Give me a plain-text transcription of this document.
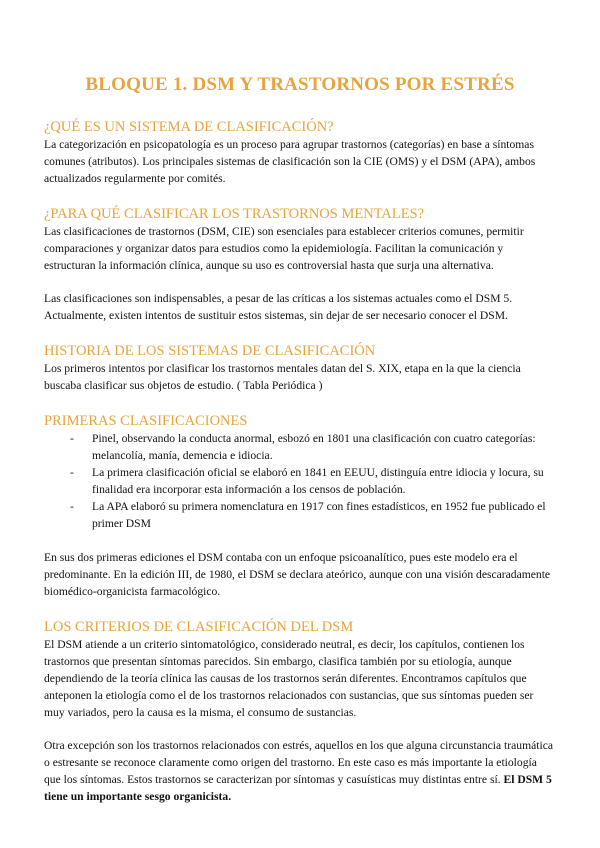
BLOQUE 1. DSM Y TRASTORNOS POR ESTRÉS
¿QUÉ ES UN SISTEMA DE CLASIFICACIÓN?

La categorización en psicopatología es un proceso para agrupar trastornos (categorías) en base a síntomas comunes (atributos). Los principales sistemas de clasificación son la CIE (OMS) y el DSM (APA), ambos actualizados regularmente por comités.

¿PARA QUÉ CLASIFICAR LOS TRASTORNOS MENTALES?

Las clasificaciones de trastornos (DSM, CIE) son esenciales para establecer criterios comunes, permitir comparaciones y organizar datos para estudios como la epidemiología. Facilitan la comunicación y estructuran la información clínica, aunque su uso es controversial hasta que surja una alternativa.

Las clasificaciones son indispensables, a pesar de las críticas a los sistemas actuales como el DSM 5. Actualmente, existen intentos de sustituir estos sistemas, sin dejar de ser necesario conocer el DSM.

HISTORIA DE LOS SISTEMAS DE CLASIFICACIÓN

Los primeros intentos por clasificar los trastornos mentales datan del S. XIX, etapa en la que la ciencia buscaba clasificar sus objetos de estudio. ( Tabla Periódica )

PRIMERAS CLASIFICACIONES
- Pinel, observando la conducta anormal, esbozó en 1801 una clasificación con cuatro categorías: melancolía, manía, demencia e idiocia.
- La primera clasificación oficial se elaboró en 1841 en EEUU, distinguía entre idiocia y locura, su finalidad era incorporar esta información a los censos de población.
- La APA elaboró su primera nomenclatura en 1917 con fines estadísticos, en 1952 fue publicado el primer DSM

En sus dos primeras ediciones el DSM contaba con un enfoque psicoanalítico, pues este modelo era el predominante. En la edición III, de 1980, el DSM se declara ateórico, aunque con una visión descaradamente biomédico-organicista farmacológico.

LOS CRITERIOS DE CLASIFICACIÓN DEL DSM

El DSM atiende a un criterio sintomatológico, considerado neutral, es decir, los capítulos, contienen los trastornos que presentan síntomas parecidos. Sin embargo, clasifica también por su etiología, aunque dependiendo de la teoría clínica las causas de los trastornos serán diferentes. Encontramos capítulos que anteponen la etiología como el de los trastornos relacionados con sustancias, que sus síntomas pueden ser muy variados, pero la causa es la misma, el consumo de sustancias.

Otra excepción son los trastornos relacionados con estrés, aquellos en los que alguna circunstancia traumática o estresante se reconoce claramente como origen del trastorno. En este caso es más importante la etiología que los síntomas. Estos trastornos se caracterizan por síntomas y casuísticas muy distintas entre sí. El DSM 5 tiene un importante sesgo organicista.
